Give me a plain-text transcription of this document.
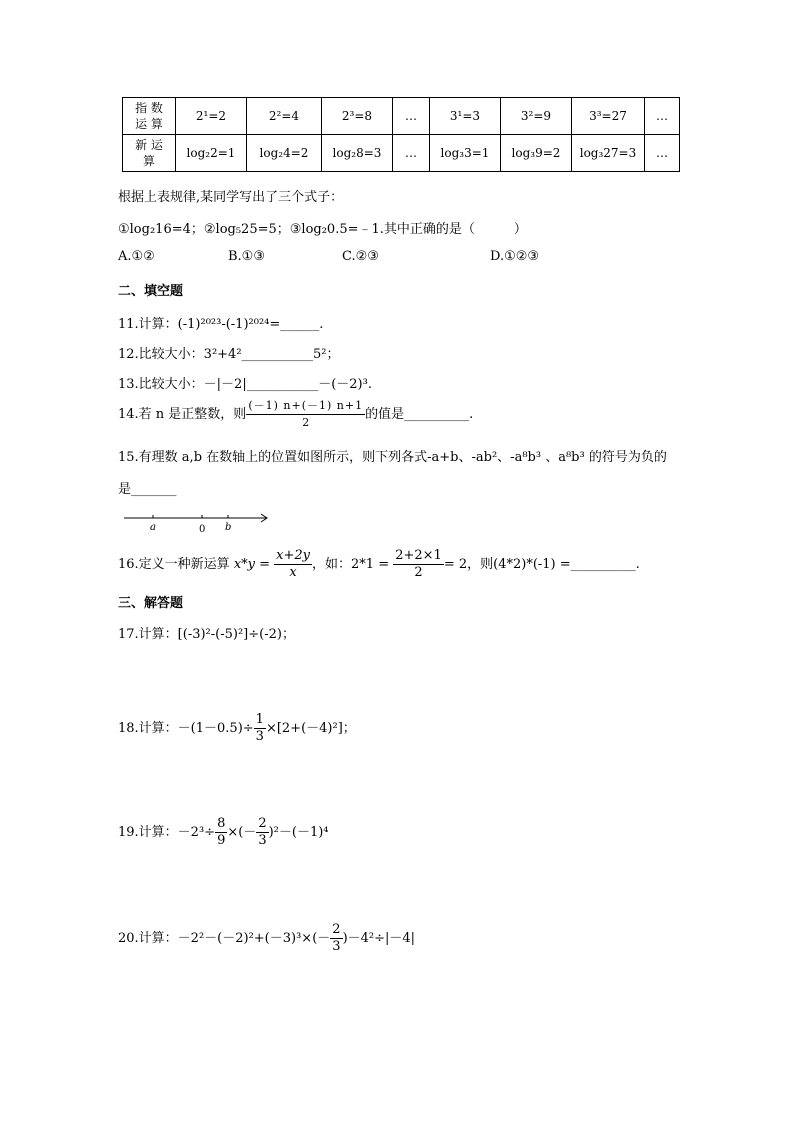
指 数
运 算	2¹=2	2²=4	2³=8	…	3¹=3	3²=9	3³=27	…

新 运
算	log₂2=1	log₂4=2	log₂8=3	…	log₃3=1	log₃9=2	log₃27=3	…
根据上表规律,某同学写出了三个式子：
①log₂16=4；②log₅25=5；③log₂0.5=﹣1.其中正确的是（　　　）
A.①②	B.①③	C.②③	D.①②③
二、填空题
11.计算：(-1)²⁰²³-(-1)²⁰²⁴=______.
12.比较大小：3²+4²___________5²；
13.比较大小：－|－2|___________－(－2)³.
14.若 n 是正整数，则 $\frac{(-1) n+(-1) n+1}{2}$ 的值是__________.
15.有理数 a,b 在数轴上的位置如图所示，则下列各式-a+b、-ab²、-a⁸b³ 、a⁸b³ 的符号为负的
是_______
a	0 b
16.定义一种新运算 $x*y = \frac{x+2y}{x}$ ，如：$2*1 = \frac{2+2\times 1}{2} = 2$，则(4*2)*(-1) =__________.
三、解答题
17.计算：[(-3)²-(-5)²]÷(-2)；
18.计算：$-(1-0.5)\div \frac{1}{3} \times[2+(-4)^2]$；
19.计算：$-2^3\div \frac{8}{9}$ ×(－ $\frac{2}{3} )^2-(-1)^4$
20.计算：$-2^2-(-2)^2+(-3)^3\times(- \frac{2}{3} )-4^2\div|-4|$
